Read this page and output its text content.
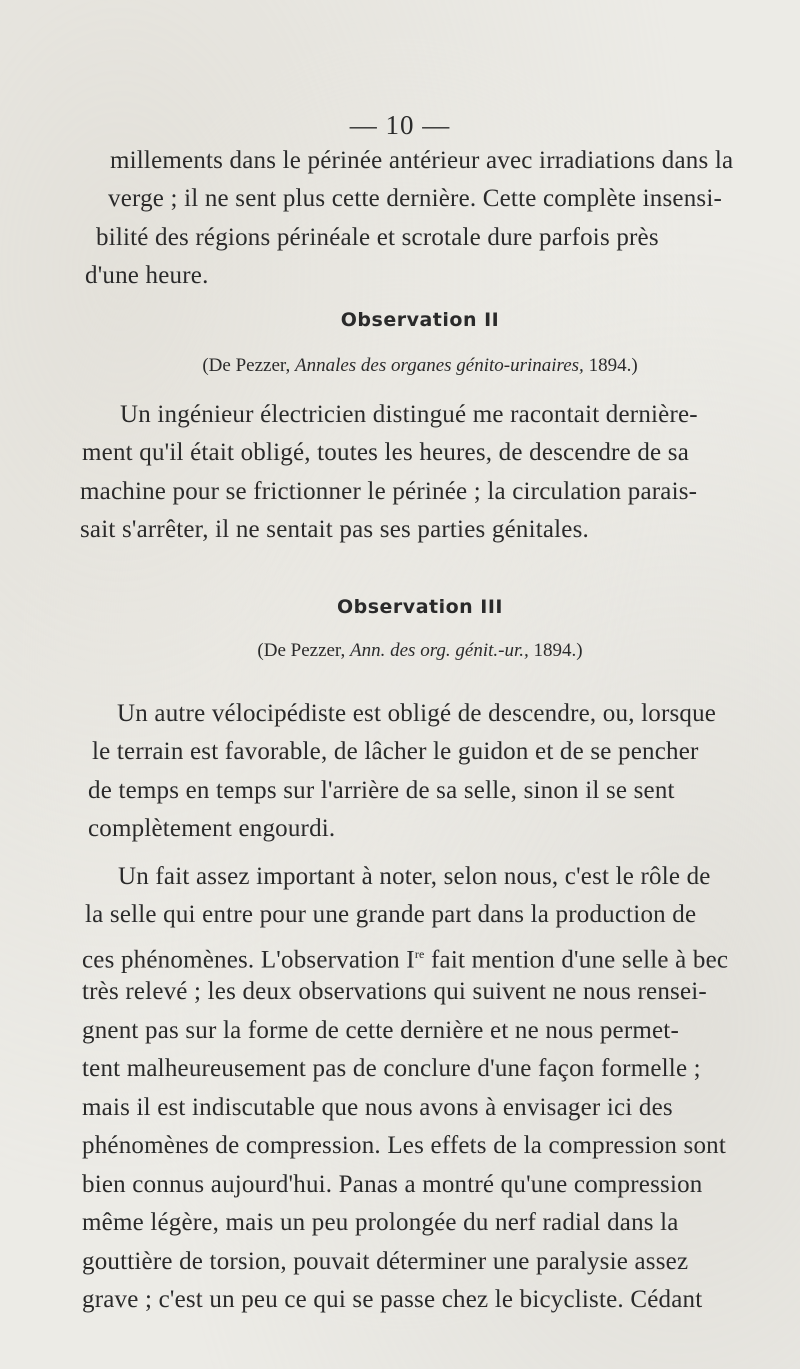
— 10 —
millements dans le périnée antérieur avec irradiations dans la
verge ; il ne sent plus cette dernière. Cette complète insensi-
bilité des régions périnéale et scrotale dure parfois près
d'une heure.
Observation II
(De Pezzer, Annales des organes génito-urinaires, 1894.)
Un ingénieur électricien distingué me racontait dernière-
ment qu'il était obligé, toutes les heures, de descendre de sa
machine pour se frictionner le périnée ; la circulation parais-
sait s'arrêter, il ne sentait pas ses parties génitales.
Observation III
(De Pezzer, Ann. des org. génit.-ur., 1894.)
Un autre vélocipédiste est obligé de descendre, ou, lorsque
le terrain est favorable, de lâcher le guidon et de se pencher
de temps en temps sur l'arrière de sa selle, sinon il se sent
complètement engourdi.
Un fait assez important à noter, selon nous, c'est le rôle de
la selle qui entre pour une grande part dans la production de
ces phénomènes. L'observation Ire fait mention d'une selle à bec
très relevé ; les deux observations qui suivent ne nous rensei-
gnent pas sur la forme de cette dernière et ne nous permet-
tent malheureusement pas de conclure d'une façon formelle ;
mais il est indiscutable que nous avons à envisager ici des
phénomènes de compression. Les effets de la compression sont
bien connus aujourd'hui. Panas a montré qu'une compression
même légère, mais un peu prolongée du nerf radial dans la
gouttière de torsion, pouvait déterminer une paralysie assez
grave ; c'est un peu ce qui se passe chez le bicycliste. Cédant
